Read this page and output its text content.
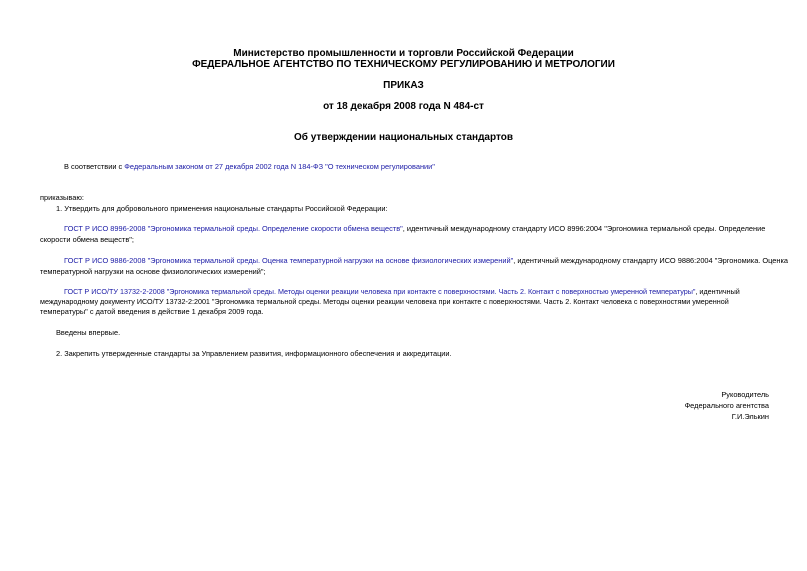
Министерство промышленности и торговли Российской Федерации
ФЕДЕРАЛЬНОЕ АГЕНТСТВО ПО ТЕХНИЧЕСКОМУ РЕГУЛИРОВАНИЮ И МЕТРОЛОГИИ
ПРИКАЗ
от 18 декабря 2008 года N 484-ст
Об утверждении национальных стандартов
В соответствии с Федеральным законом от 27 декабря 2002 года N 184-ФЗ "О техническом регулировании"
приказываю:
1. Утвердить для добровольного применения национальные стандарты Российской Федерации:
ГОСТ Р ИСО 8996-2008 "Эргономика термальной среды. Определение скорости обмена веществ", идентичный международному стандарту ИСО 8996:2004 "Эргономика термальной среды. Определение
скорости обмена веществ";
ГОСТ Р ИСО 9886-2008 "Эргономика термальной среды. Оценка температурной нагрузки на основе физиологических измерений", идентичный международному стандарту ИСО 9886:2004 "Эргономика. Оценка
температурной нагрузки на основе физиологических измерений";
ГОСТ Р ИСО/ТУ 13732-2-2008 "Эргономика термальной среды. Методы оценки реакции человека при контакте с поверхностями. Часть 2. Контакт с поверхностью умеренной температуры", идентичный
международному документу ИСО/ТУ 13732-2:2001 "Эргономика термальной среды. Методы оценки реакции человека при контакте с поверхностями. Часть 2. Контакт человека с поверхностями умеренной
температуры" с датой введения в действие 1 декабря 2009 года.
Введены впервые.
2. Закрепить утвержденные стандарты за Управлением развития, информационного обеспечения и аккредитации.
Руководитель
Федерального агентства
Г.И.Элькин
